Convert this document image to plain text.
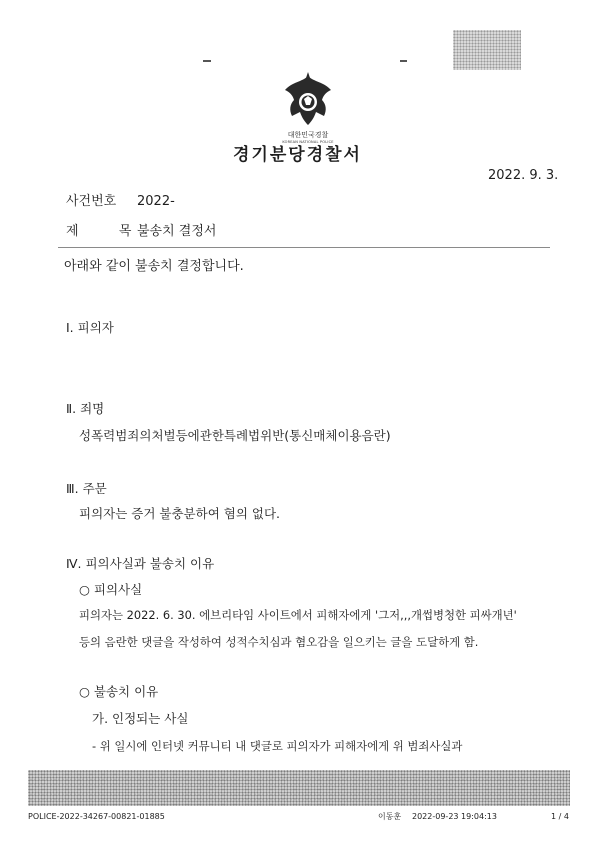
대한민국경찰
KOREAN NATIONAL POLICE
경기분당경찰서
2022. 9. 3.
사건번호 2022-
제  목 불송치 결정서
아래와 같이 불송치 결정합니다.
Ⅰ. 피의자
Ⅱ. 죄명
성폭력범죄의처벌등에관한특례법위반(통신매체이용음란)
Ⅲ. 주문
피의자는 증거 불충분하여 혐의 없다.
Ⅳ. 피의사실과 불송치 이유
○ 피의사실
피의자는 2022. 6. 30. 에브리타임 사이트에서 피해자에게 '그저,,,개썹병청한 피싸개년'
등의 음란한 댓글을 작성하여 성적수치심과 혐오감을 일으키는 글을 도달하게 함.
○ 불송치 이유
가. 인정되는 사실
- 위 일시에 인터넷 커뮤니티 내 댓글로 피의자가 피해자에게 위 범죄사실과
POLICE-2022-34267-00821-01885	이동훈 2022-09-23 19:04:13	1 / 4
